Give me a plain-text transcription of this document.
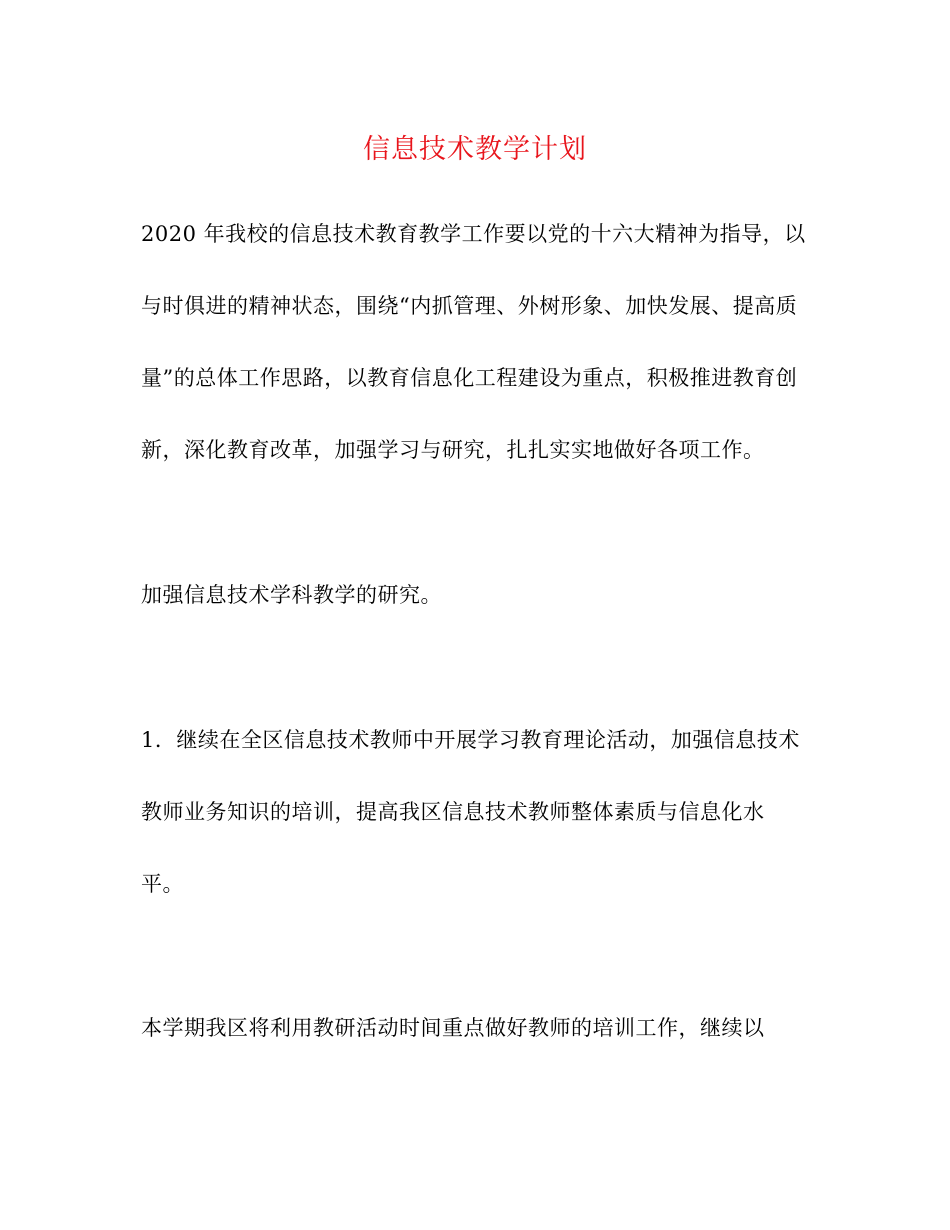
信息技术教学计划
2020 年我校的信息技术教育教学工作要以党的十六大精神为指导，以
与时俱进的精神状态，围绕“内抓管理、外树形象、加快发展、提高质
量”的总体工作思路，以教育信息化工程建设为重点，积极推进教育创
新，深化教育改革，加强学习与研究，扎扎实实地做好各项工作。
加强信息技术学科教学的研究。
1．继续在全区信息技术教师中开展学习教育理论活动，加强信息技术
教师业务知识的培训，提高我区信息技术教师整体素质与信息化水
平。
本学期我区将利用教研活动时间重点做好教师的培训工作，继续以
